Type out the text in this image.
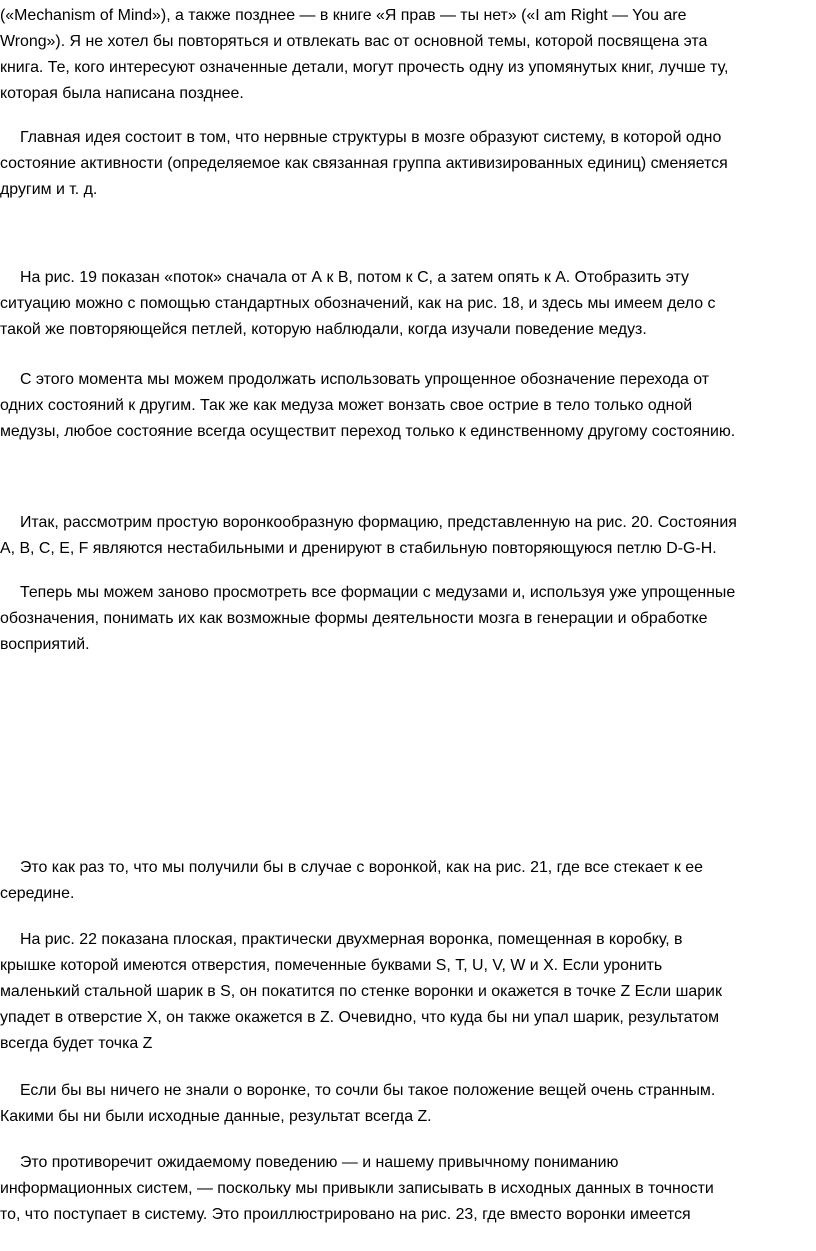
(«Mechanism of Mind»), а также позднее — в книге «Я прав — ты нет» («I am Right — You are
Wrong»). Я не хотел бы повторяться и отвлекать вас от основной темы, которой посвящена эта
книга. Те, кого интересуют означенные детали, могут прочесть одну из упомянутых книг, лучше ту,
которая была написана позднее.

Главная идея состоит в том, что нервные структуры в мозге образуют систему, в которой одно
состояние активности (определяемое как связанная группа активизированных единиц) сменяется
другим и т. д.

На рис. 19 показан «поток» сначала от А к В, потом к С, а затем опять к А. Отобразить эту
ситуацию можно с помощью стандартных обозначений, как на рис. 18, и здесь мы имеем дело с
такой же повторяющейся петлей, которую наблюдали, когда изучали поведение медуз.

С этого момента мы можем продолжать использовать упрощенное обозначение перехода от
одних состояний к другим. Так же как медуза может вонзать свое острие в тело только одной
медузы, любое состояние всегда осуществит переход только к единственному другому состоянию.

Итак, рассмотрим простую воронкообразную формацию, представленную на рис. 20. Состояния
А, В, С, Е, F являются нестабильными и дренируют в стабильную повторяющуюся петлю D-G-H.

Теперь мы можем заново просмотреть все формации с медузами и, используя уже упрощенные
обозначения, понимать их как возможные формы деятельности мозга в генерации и обработке
восприятий.

Это как раз то, что мы получили бы в случае с воронкой, как на рис. 21, где все стекает к ее
середине.

На рис. 22 показана плоская, практически двухмерная воронка, помещенная в коробку, в
крышке которой имеются отверстия, помеченные буквами S, Т, U, V, W и X. Если уронить
маленький стальной шарик в S, он покатится по стенке воронки и окажется в точке Z Если шарик
упадет в отверстие X, он также окажется в Z. Очевидно, что куда бы ни упал шарик, результатом
всегда будет точка Z

Если бы вы ничего не знали о воронке, то сочли бы такое положение вещей очень странным.
Какими бы ни были исходные данные, результат всегда Z.

Это противоречит ожидаемому поведению — и нашему привычному пониманию
информационных систем, — поскольку мы привыкли записывать в исходных данных в точности
то, что поступает в систему. Это проиллюстрировано на рис. 23, где вместо воронки имеется
